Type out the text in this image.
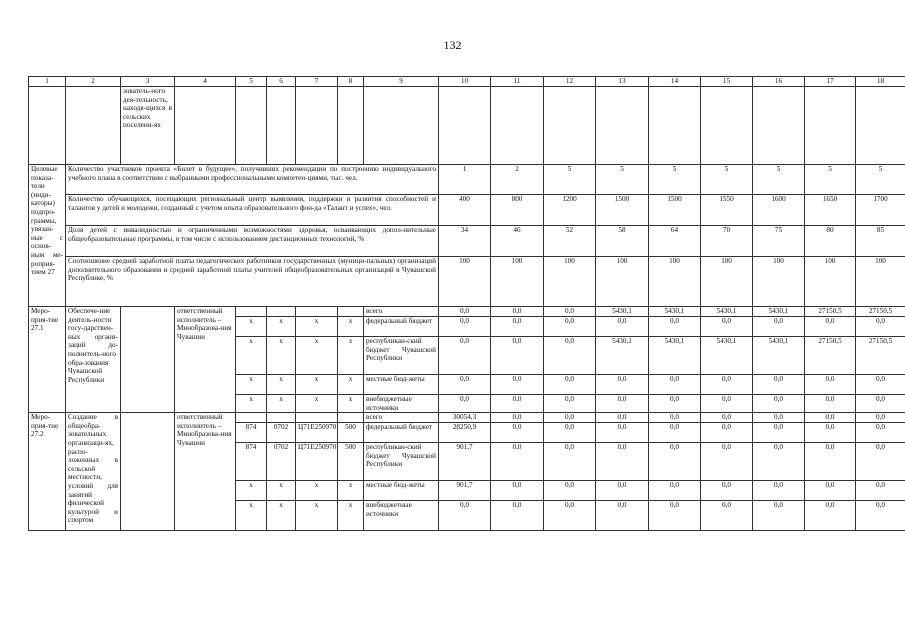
132
1	2	3	4	5	6	7	8	9	10	11	12	13	14	15	16	17	18
		зователь-ного дея-тельность, находя-щихся в сельских поселени-ях															
Целевые показа-тели (инди-каторы) подпро-граммы, увязан-ные с основ-ным ме-роприя-тием 27	Количество участников проекта «Билет в будущее», получивших рекомендации по построению индивидуального учебного плана в соответствии с выбранными профессиональными компетен-циями, тыс. чел.								1	2	5	5	5	5	5	5	5
	Количество обучающихся, посещающих региональный центр выявления, поддержки и развития способностей и талантов у детей и молодежи, созданный с учетом опыта образовательного фон-да «Талант и успех», чел.								400	800	1200	1500	1500	1550	1600	1650	1700
	Доля детей с инвалидностью и ограниченными возможностями здоровья, осваивающих допол-нительные общеобразовательные программы, в том числе с использованием дистанционных технологий, %								34	46	52	58	64	70	75	80	85
	Соотношение средней заработной платы педагогических работников государственных (муници-пальных) организаций дополнительного образования и средней заработной платы учителей общеобразовательных организаций в Чувашской Республике, %								100	100	100	100	100	100	100	100	100
Меро-прия-тие 27.1	Обеспече-ние деятель-ности госу-дарствен-ных органи-заций до-полнитель-ного обра-зования Чувашской Республики		ответственный исполнитель – Минобразова-ния Чувашии					всего	0,0	0,0	0,0	5430,1	5430,1	5430,1	5430,1	27150,5	27150,5
				x	x	x	x	федеральный бюджет	0,0	0,0	0,0	0,0	0,0	0,0	0,0	0,0	0,0
				x	x	x	x	республикан-ский бюджет Чувашской Республики	0,0	0,0	0,0	5430,1	5430,1	5430,1	5430,1	27150,5	27150,5
				x	x	x	x	местные бюд-жеты	0,0	0,0	0,0	0,0	0,0	0,0	0,0	0,0	0,0
				x	x	x	x	внебюджетные источники	0,0	0,0	0,0	0,0	0,0	0,0	0,0	0,0	0,0
Меро-прия-тие 27.2	Создание в общеобра-зовательных организаци-ях, распо-ложенных в сельской местности, условий для занятий физической культурой и спортом		ответственный исполнитель – Минобразова-ния Чувашии					всего	30054,3	0,0	0,0	0,0	0,0	0,0	0,0	0,0	0,0
				874	0702	Ц71Е250970	500	федеральный бюджет	28250,9	0,0	0,0	0,0	0,0	0,0	0,0	0,0	0,0
				874	0702	Ц71Е250970	500	республикан-ский бюджет Чувашской Республики	901,7	0,0	0,0	0,0	0,0	0,0	0,0	0,0	0,0
				x	x	x	x	местные бюд-жеты	901,7	0,0	0,0	0,0	0,0	0,0	0,0	0,0	0,0
				x	x	x	x	внебюджетные источники	0,0	0,0	0,0	0,0	0,0	0,0	0,0	0,0	0,0
